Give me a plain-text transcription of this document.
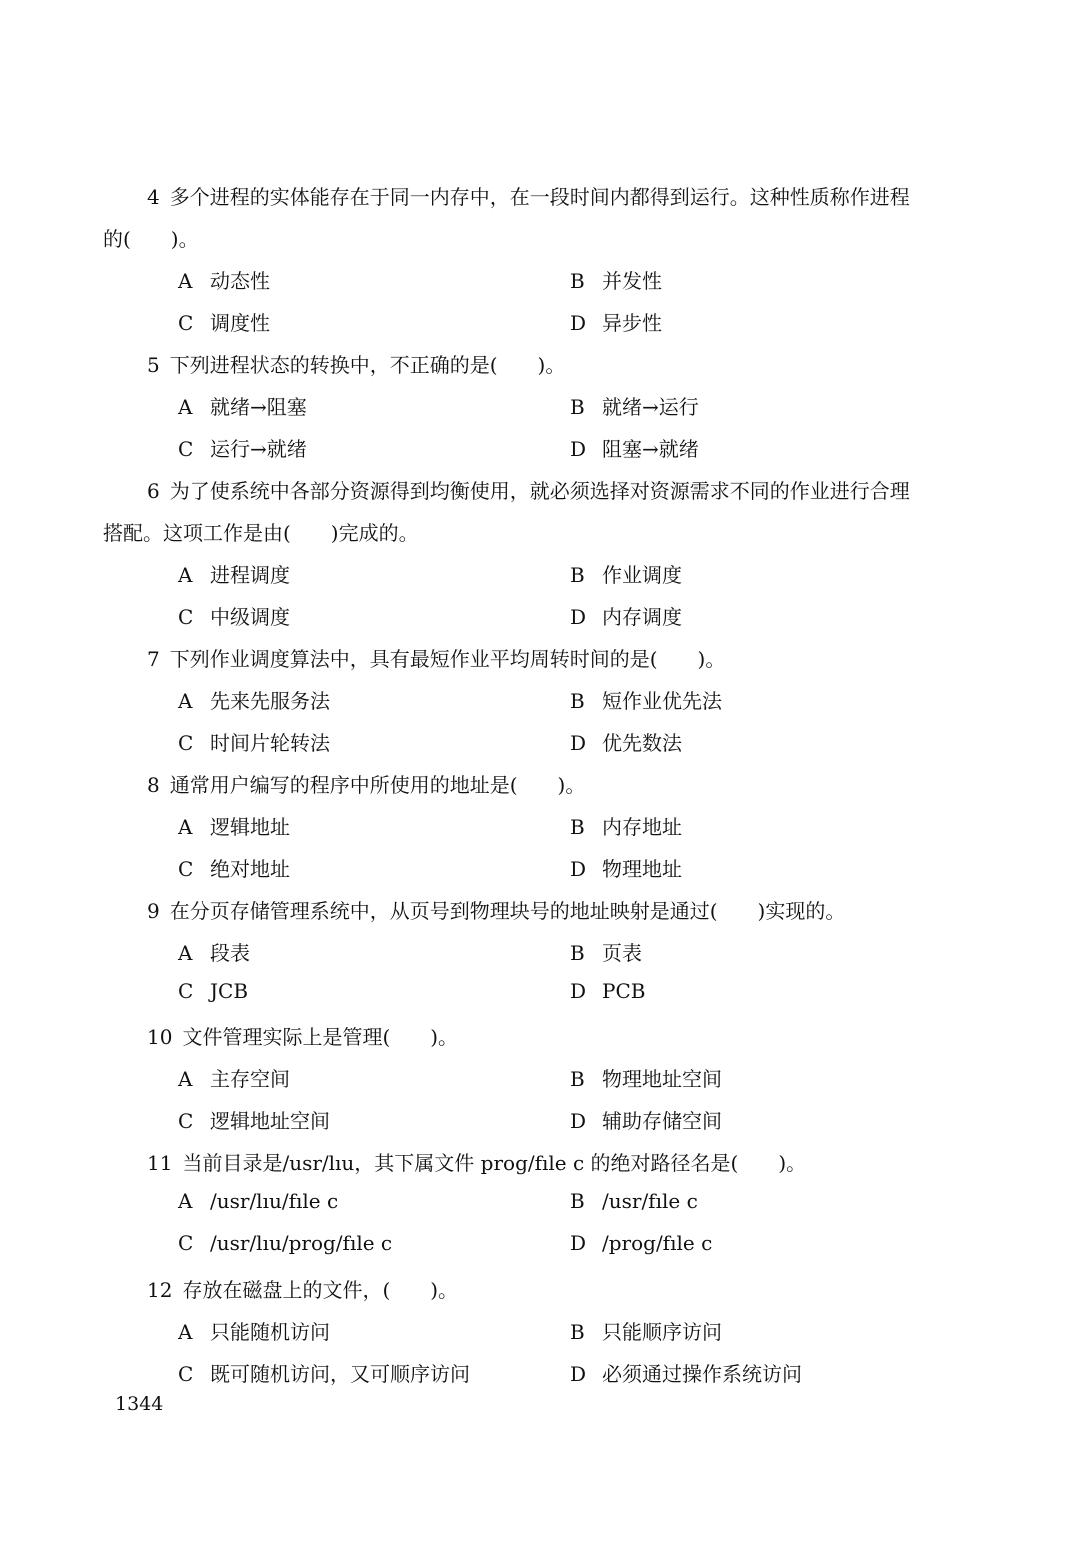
4 多个进程的实体能存在于同一内存中，在一段时间内都得到运行。这种性质称作进程
的(　　)。
A 动态性	B 并发性
C 调度性	D 异步性
5 下列进程状态的转换中，不正确的是(　　)。
A 就绪→阻塞	B 就绪→运行
C 运行→就绪	D 阻塞→就绪
6 为了使系统中各部分资源得到均衡使用，就必须选择对资源需求不同的作业进行合理
搭配。这项工作是由(　　)完成的。
A 进程调度	B 作业调度
C 中级调度	D 内存调度
7 下列作业调度算法中，具有最短作业平均周转时间的是(　　)。
A 先来先服务法	B 短作业优先法
C 时间片轮转法	D 优先数法
8 通常用户编写的程序中所使用的地址是(　　)。
A 逻辑地址	B 内存地址
C 绝对地址	D 物理地址
9 在分页存储管理系统中，从页号到物理块号的地址映射是通过(　　)实现的。
A 段表	B 页表
C JCB	D PCB
10 文件管理实际上是管理(　　)。
A 主存空间	B 物理地址空间
C 逻辑地址空间	D 辅助存储空间
11 当前目录是/usr/lıu，其下属文件 prog/fıle c 的绝对路径名是(　　)。
A /usr/lıu/fıle c	B /usr/fıle c
C /usr/lıu/prog/fıle c	D /prog/fıle c
12 存放在磁盘上的文件，(　　)。
A 只能随机访问	B 只能顺序访问
C 既可随机访问，又可顺序访问	D 必须通过操作系统访问
1344
